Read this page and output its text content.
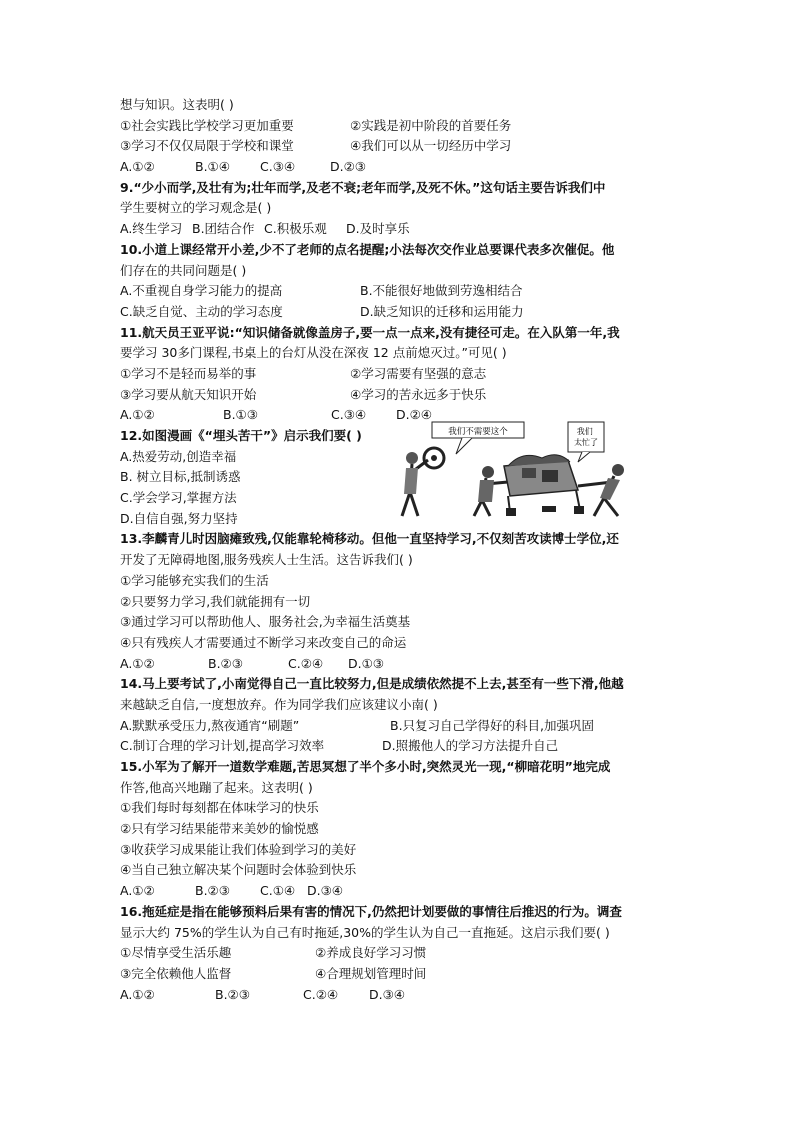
想与知识。这表明( )
①社会实践比学校学习更加重要	②实践是初中阶段的首要任务
③学习不仅仅局限于学校和课堂	④我们可以从一切经历中学习
A.①②	B.①④	C.③④	D.②③
9.“少小而学,及壮有为;壮年而学,及老不衰;老年而学,及死不休。”这句话主要告诉我们中
学生要树立的学习观念是( )
A.终生学习 B.团结合作 C.积极乐观	D.及时享乐
10.小道上课经常开小差,少不了老师的点名提醒;小法每次交作业总要课代表多次催促。他
们存在的共同问题是( )
A.不重视自身学习能力的提高	B.不能很好地做到劳逸相结合
C.缺乏自觉、主动的学习态度	D.缺乏知识的迁移和运用能力
11.航天员王亚平说:“知识储备就像盖房子,要一点一点来,没有捷径可走。在入队第一年,我
要学习 30多门课程,书桌上的台灯从没在深夜 12 点前熄灭过。”可见( )
①学习不是轻而易举的事	②学习需要有坚强的意志
③学习要从航天知识开始	④学习的苦永远多于快乐
A.①②	B.①③	C.③④	D.②④
12.如图漫画《“埋头苦干”》启示我们要( )
A.热爱劳动,创造幸福
B. 树立目标,抵制诱惑
C.学会学习,掌握方法
D.自信自强,努力坚持
我们不需要这个	我们 太忙了
13.李麟青儿时因脑瘫致残,仅能靠轮椅移动。但他一直坚持学习,不仅刻苦攻读博士学位,还
开发了无障碍地图,服务残疾人士生活。这告诉我们( )
①学习能够充实我们的生活
②只要努力学习,我们就能拥有一切
③通过学习可以帮助他人、服务社会,为幸福生活奠基
④只有残疾人才需要通过不断学习来改变自己的命运
A.①②	B.②③	C.②④	D.①③
14.马上要考试了,小南觉得自己一直比较努力,但是成绩依然提不上去,甚至有一些下滑,他越
来越缺乏自信,一度想放弃。作为同学我们应该建议小南( )
A.默默承受压力,熬夜通宵“刷题”	B.只复习自己学得好的科目,加强巩固
C.制订合理的学习计划,提高学习效率	D.照搬他人的学习方法提升自己
15.小军为了解开一道数学难题,苦思冥想了半个多小时,突然灵光一现,“柳暗花明”地完成
作答,他高兴地蹦了起来。这表明( )
①我们每时每刻都在体味学习的快乐
②只有学习结果能带来美妙的愉悦感
③收获学习成果能让我们体验到学习的美好
④当自己独立解决某个问题时会体验到快乐
A.①②	B.②③	C.①④ D.③④
16.拖延症是指在能够预料后果有害的情况下,仍然把计划要做的事情往后推迟的行为。调查
显示大约 75%的学生认为自己有时拖延,30%的学生认为自己一直拖延。这启示我们要( )
①尽情享受生活乐趣	②养成良好学习习惯
③完全依赖他人监督	④合理规划管理时间
A.①②	B.②③	C.②④	D.③④
